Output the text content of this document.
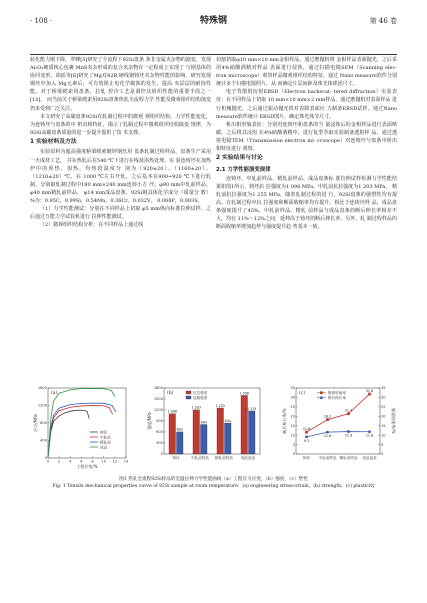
· 108 ·	特殊钢	第 46 卷

转化能力刚下降。罗峰[5]研究了全流程下92Si盘条 条非金属夹杂物的演变，发现Al₂O₃硬质核心包裹 MnS夹杂形成的复合夹杂物在一定程度上实现了 与钢基体的协同变形。胡瑶等[6]研究了Mg对82B 硬线钢铸坯夹杂物性能的影响，研究发现钢坯中加入 Mg元素后，可有效阻止电化学腐蚀的发生，提高 夹层层的耐蚀性能。对于桥梁缆索用盘条，拉轧 控冷工艺是调控其组织性能的重要手段之一[12]。 而当前关于桥梁缆索用92Si盘条热轧全流程力学 性能及微观组织结构演变仍未受到广泛关注。

本文研究了高碳盘条92Si在轧制过程中的微观 观组织结构、力学性能变化，为连铸坯与盘条的中 析出相特征，揭示了轧制过程中微观组织结构演变 规律，为92Si高碳盘条质量的进一步提升提供了技 术支撑。

1 实验材料及方法

实验原料为超高强度桥梁缆索镀锌钢丝用 盘条轧制过程样品，盘条生产采用一火成材工艺， 并在热轧后在540 ℃下进行在线盐浴热处理。实 验连铸坯在加热炉中的预热、加热、均热段温度分 别为（920±20）、（1160±20）、（1210±20）℃，在 1000 ℃左右开轧，之后基本在900~920 ℃下进行轧 制。分别取轧制过程中180 mm×240 mm连铸小方 坯、φ90 mm中轧前样品、φ40 mm精轧前样品、 φ14 mm成品盘条。92Si钢具体化学成分（质量分 数）%为：0.95C，0.99Si，0.54Mn，0.36Cr，0.032V， 0.008P，0.003S。

（1）力学性能测试：分别在不同样品上切取 φ5 mm纵向标准拉伸试样，之后通过万能力学试验机进行 拉伸性能测试。

（2）微观组织结构分析：在不同样品上通过线

切割切取φ10 mm×10 mm金相样品，通过磨抛机将 金相样品表面抛光，之后采用4%硝酸酒精对样品 表面进行侵蚀，通过扫描电镜SEM（Scanning elec- tron microscope）观察样品微观组织结构特征。通过 Nano measure软件分别统计多个扫描电镜照片，从 而确定片层间距及珠光体球团尺寸。

电子背散射衍射EBSD（Electron backscat- tered diffraction）实验表征：在不同样品上切取 10 mm×10 mm×2 mm样品，通过磨抛机对表面样品 进行机械抛光，之后通过振动抛光机对表除表面应 力制备EBSD试样。通过Nano measure软件统计 EBSD图片，确定珠光体节尺寸。

析出相形貌表征：分别对连铸坯和盘条的当 量浸蚀后的金相样品进行表面喷碳，之后将其浸泡 在4%硝酸酒精中，进行复型萃取实验制备透射样 品。通过透射电镜TEM（Transmission electron mi- croscope）对连铸坯与盘条中析出相特征进行 观察。

2 实验结果与讨论
2.1 力学性能演变规律

连铸坯、中轧前样品、精轧前样品、成品盘条标 准拉伸试样检测力学性能结果如图1所示。铸坯抗 拉强度为1 098 MPa，中轧前抗拉强度为1 203 MPa， 精轧前抗拉强度为1 255 MPa，随着轧制过程的进 行，92Si盘条的强塑性均有提高。在轧制过程中抗 拉强度和断面收缩率均有提升。相比于连铸坯样 品，成品盘条强度提升了45%，中轧前样品、精轧 前样品与成品盘条的断后伸长率相差不大，均在 11%～12%之间，延伸高于铸坯的断后伸长率。另外，轧 制过程样品的断面收缩率增加趋势与强度提升趋 势基本一致。

0
400
800
1200
1600
0 2 4 6 8 10 12 14
应力/MPa
工程应变/%
(a)
铸坯
中轧前
精轧前
成品
0
300
600
900
1200
1500
1800
强度/MPa
(b)
铸坯	中轧前样品 精轧前样品 成品盘条
1 098
1 203	1 255
1 596
抗拉强度
602
804	844
1 174
屈服强度
0	0
5	5
10	10
15	15
20	20
25	25
30	30
35	35
断后伸长率/%	断面收缩率/%
(c)
铸坯 中轧前样品 精轧前样品 成品盘条
11.6
18.2
21.4
31.8
断面收缩率
9.1
11.6	11.9	11.8
断后伸长率

图1 热轧全流程92Si样品的室温拉伸力学性能曲线（a）工程应力应变，（b）强度，（c）塑性

Fig. 1 Tensile mechanical properties curve of 92Si sample at room temperature：(a) engineering stress-strain，(b) strength，(c) plasticity
